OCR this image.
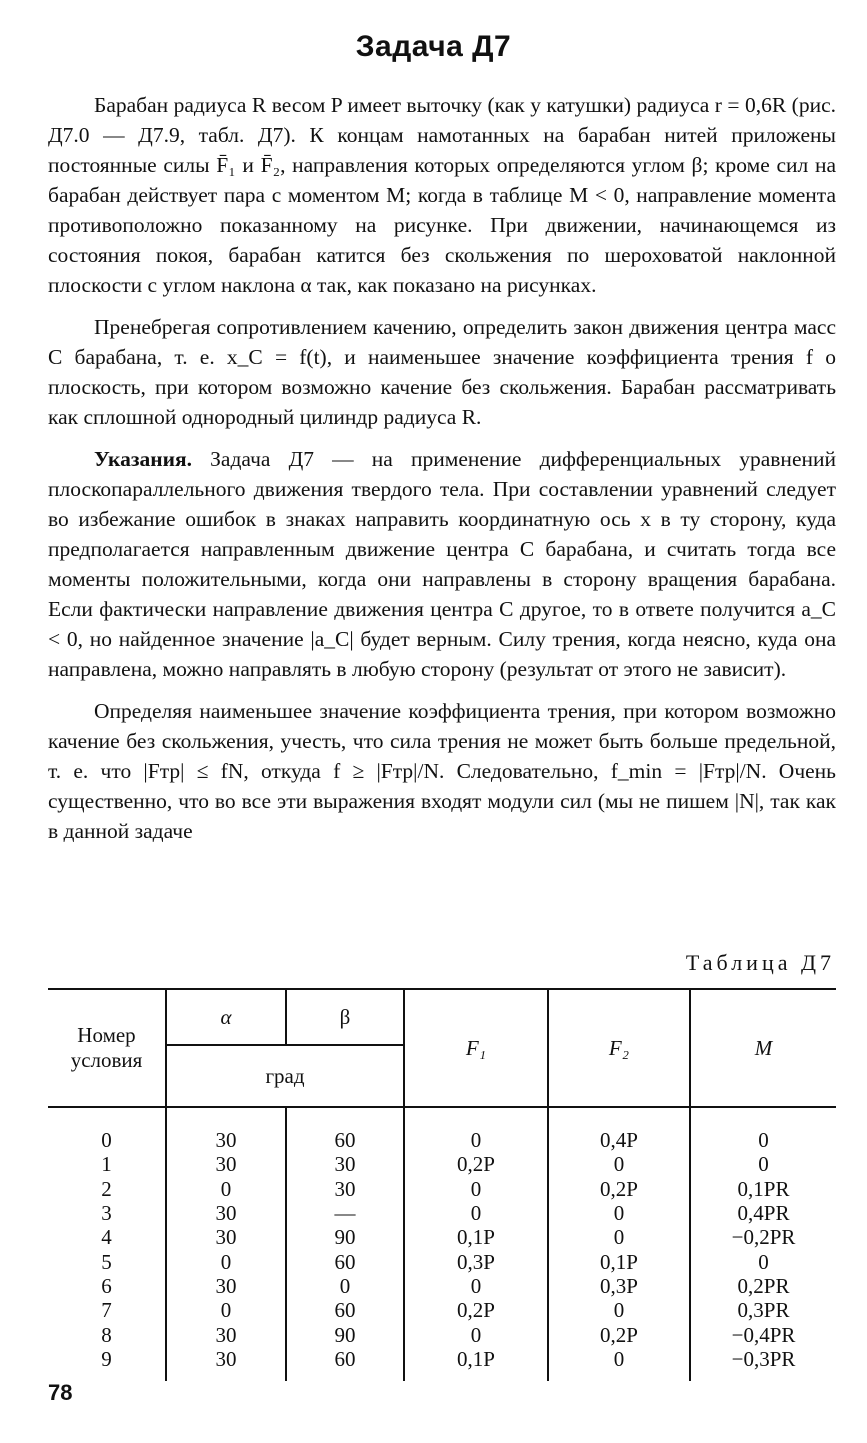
Задача Д7

Барабан радиуса R весом P имеет выточку (как у катушки) радиуса r = 0,6R (рис. Д7.0 — Д7.9, табл. Д7). К концам намотанных на барабан нитей приложены постоянные силы F̄₁ и F̄₂, направления которых определяются углом β; кроме сил на барабан действует пара с моментом M; когда в таблице M < 0, направление момента противоположно показанному на рисунке. При движении, начинающемся из состояния покоя, барабан катится без скольжения по шероховатой наклонной плоскости с углом наклона α так, как показано на рисунках.

Пренебрегая сопротивлением качению, определить закон движения центра масс C барабана, т. е. x_C = f(t), и наименьшее значение коэффициента трения f о плоскость, при котором возможно качение без скольжения. Барабан рассматривать как сплошной однородный цилиндр радиуса R.

Указания. Задача Д7 — на применение дифференциальных уравнений плоскопараллельного движения твердого тела. При составлении уравнений следует во избежание ошибок в знаках направить координатную ось x в ту сторону, куда предполагается направленным движение центра C барабана, и считать тогда все моменты положительными, когда они направлены в сторону вращения барабана. Если фактически направление движения центра C другое, то в ответе получится a_C < 0, но найденное значение |a_C| будет верным. Силу трения, когда неясно, куда она направлена, можно направлять в любую сторону (результат от этого не зависит).

Определяя наименьшее значение коэффициента трения, при котором возможно качение без скольжения, учесть, что сила трения не может быть больше предельной, т. е. что |Fтр| ≤ fN, откуда f ≥ |Fтр|/N. Следовательно, f_min = |Fтр|/N. Очень существенно, что во все эти выражения входят модули сил (мы не пишем |N|, так как в данной задаче

Таблица Д7
Номер условия	α	β	F₁	F₂	M
	град				
0	30	60	0	0,4P	0
1	30	30	0,2P	0	0
2	0	30	0	0,2P	0,1PR
3	30	—	0	0	0,4PR
4	30	90	0,1P	0	−0,2PR
5	0	60	0,3P	0,1P	0
6	30	0	0	0,3P	0,2PR
7	0	60	0,2P	0	0,3PR
8	30	90	0	0,2P	−0,4PR
9	30	60	0,1P	0	−0,3PR
78
